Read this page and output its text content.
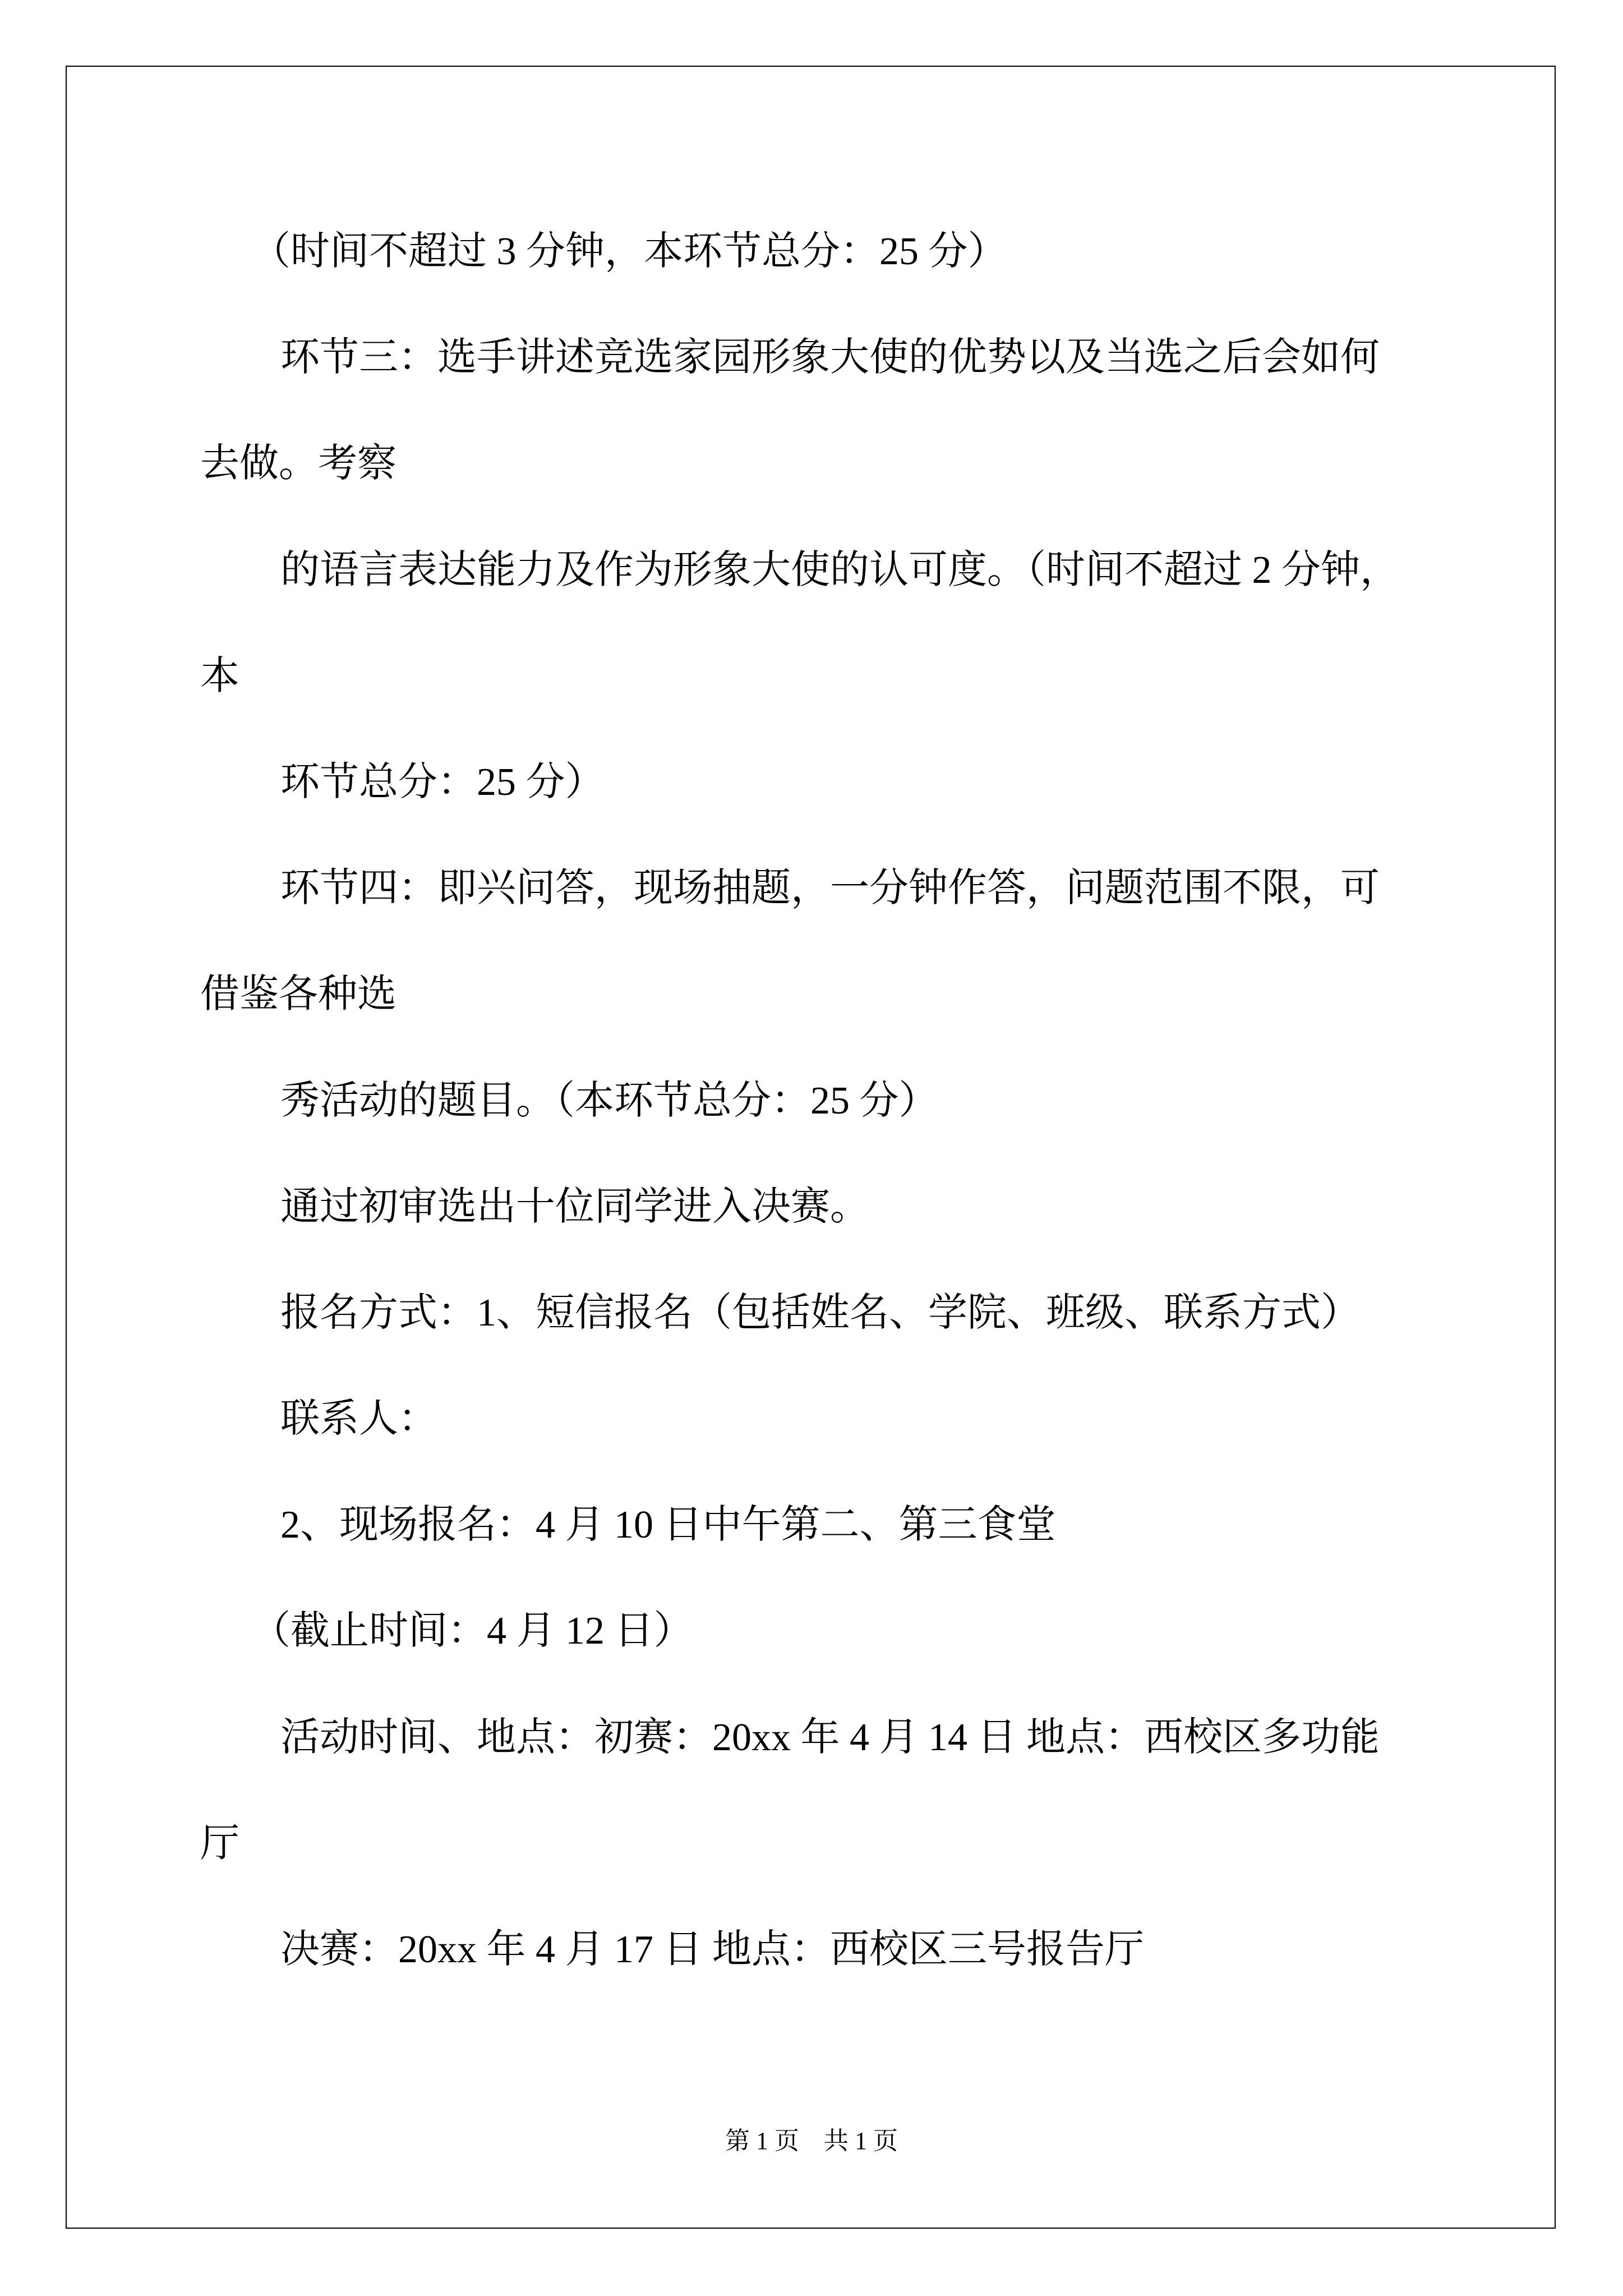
（时间不超过 3 分钟，本环节总分：25 分）
环节三：选手讲述竞选家园形象大使的优势以及当选之后会如何
去做。考察
的语言表达能力及作为形象大使的认可度。（时间不超过 2 分钟，
本
环节总分：25 分）
环节四：即兴问答，现场抽题，一分钟作答，问题范围不限，可
借鉴各种选
秀活动的题目。（本环节总分：25 分）
通过初审选出十位同学进入决赛。
报名方式：1、短信报名（包括姓名、学院、班级、联系方式）
联系人：
2、现场报名：4 月 10 日中午第二、第三食堂
（截止时间：4 月 12 日）
活动时间、地点：初赛：20xx 年 4 月 14 日 地点：西校区多功能
厅
决赛：20xx 年 4 月 17 日 地点：西校区三号报告厅
第 1 页　共 1 页
